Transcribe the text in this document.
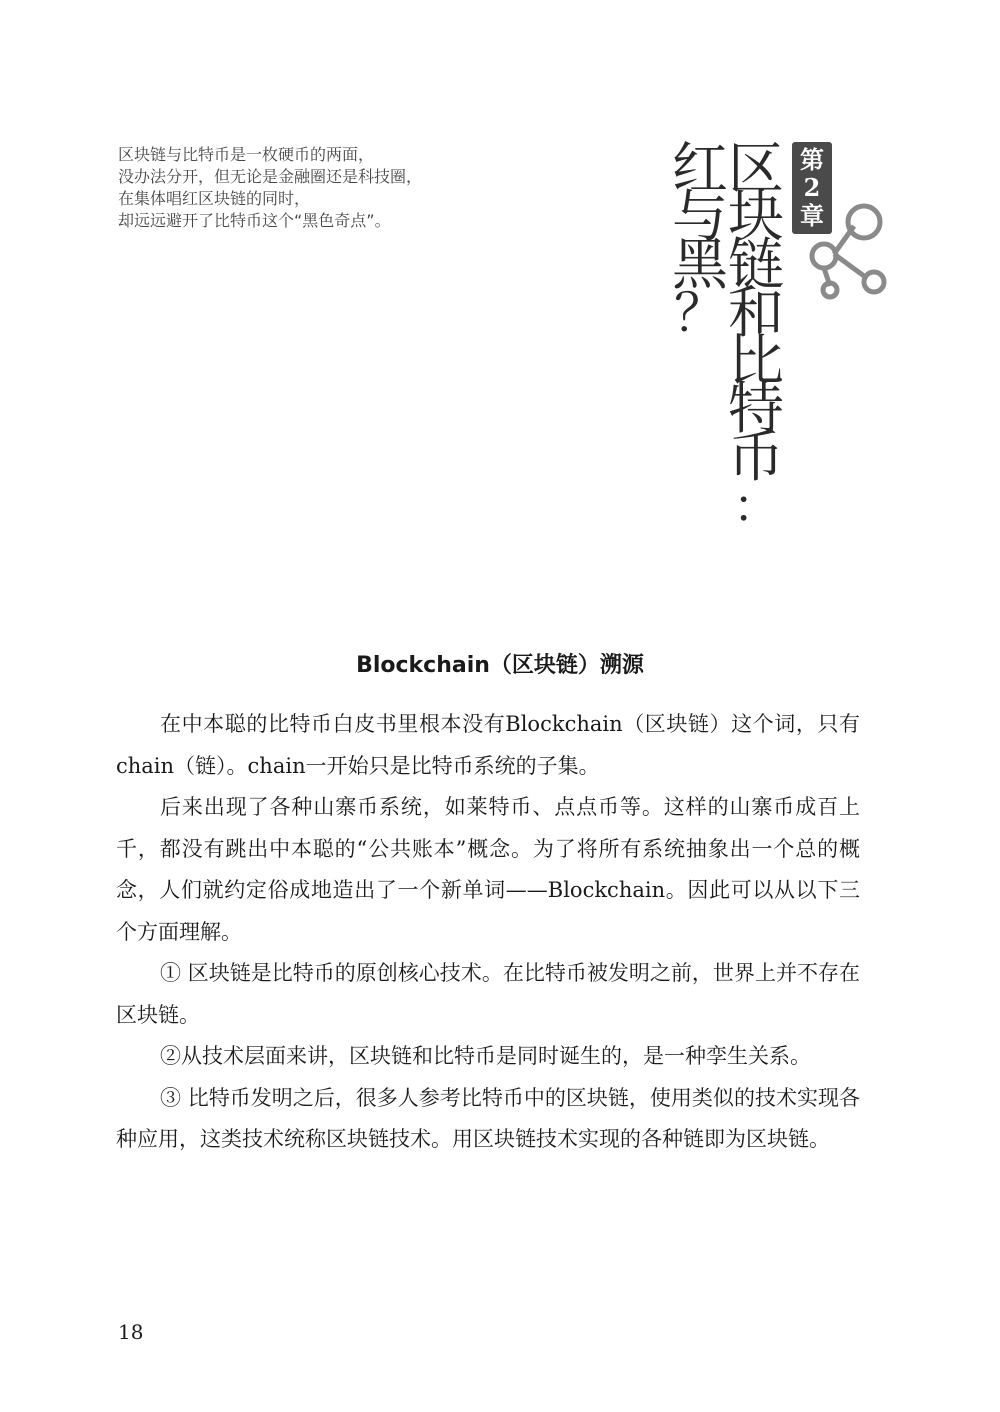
区块链与比特币是一枚硬币的两面，
没办法分开，但无论是金融圈还是科技圈，
在集体唱红区块链的同时，
却远远避开了比特币这个“黑色奇点”。
区
块
链
和
比
特
币
：
红
与
黑
？
第
2
章
Blockchain（区块链）溯源

在中本聪的比特币白皮书里根本没有Blockchain（区块链）这个词，只有chain（链）。chain一开始只是比特币系统的子集。

后来出现了各种山寨币系统，如莱特币、点点币等。这样的山寨币成百上千，都没有跳出中本聪的“公共账本”概念。为了将所有系统抽象出一个总的概念，人们就约定俗成地造出了一个新单词——Blockchain。因此可以从以下三个方面理解。

① 区块链是比特币的原创核心技术。在比特币被发明之前，世界上并不存在区块链。

②从技术层面来讲，区块链和比特币是同时诞生的，是一种孪生关系。

③ 比特币发明之后，很多人参考比特币中的区块链，使用类似的技术实现各种应用，这类技术统称区块链技术。用区块链技术实现的各种链即为区块链。

18
